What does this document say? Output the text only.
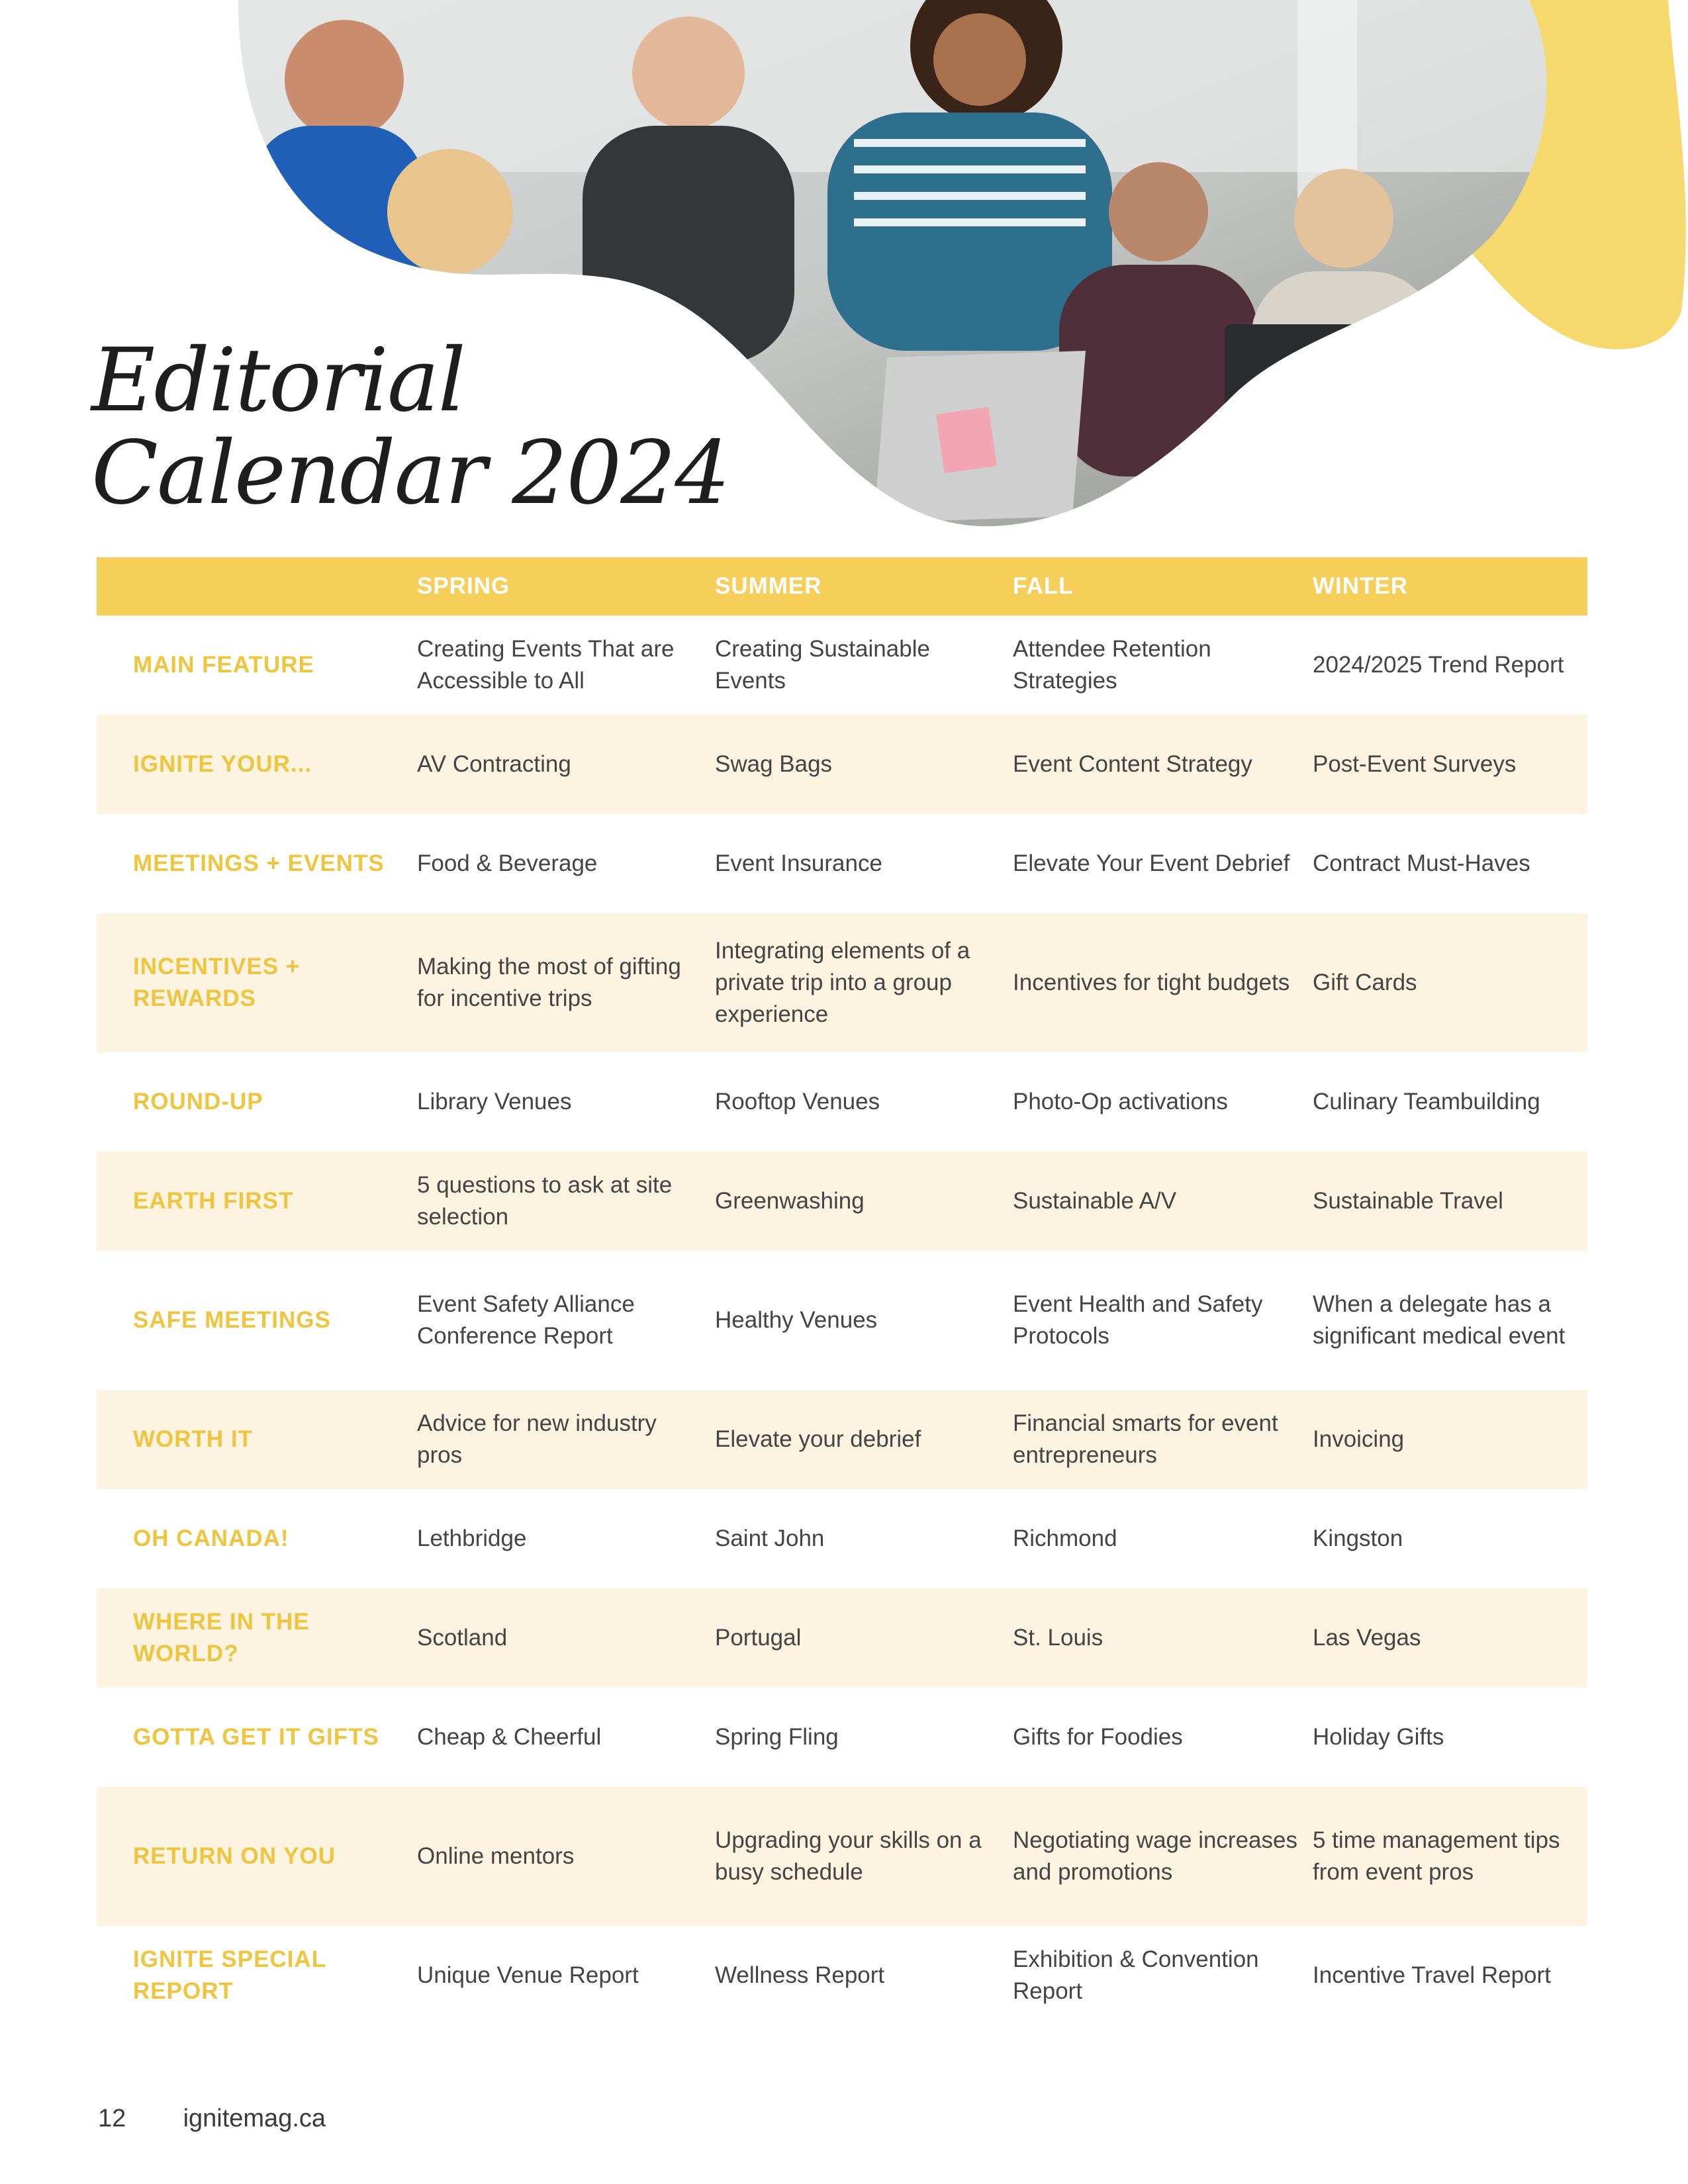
Editorial
Calendar 2024
	SPRING	SUMMER	FALL	WINTER
MAIN FEATURE	Creating Events That are Accessible to All	Creating Sustainable Events	Attendee Retention Strategies	2024/2025 Trend Report
IGNITE YOUR...	AV Contracting	Swag Bags	Event Content Strategy	Post-Event Surveys
MEETINGS + EVENTS	Food & Beverage	Event Insurance	Elevate Your Event Debrief	Contract Must-Haves
INCENTIVES + REWARDS	Making the most of gifting for incentive trips	Integrating elements of a private trip into a group experience	Incentives for tight budgets	Gift Cards
ROUND-UP	Library Venues	Rooftop Venues	Photo-Op activations	Culinary Teambuilding
EARTH FIRST	5 questions to ask at site selection	Greenwashing	Sustainable A/V	Sustainable Travel
SAFE MEETINGS	Event Safety Alliance Conference Report	Healthy Venues	Event Health and Safety Protocols	When a delegate has a significant medical event
WORTH IT	Advice for new industry pros	Elevate your debrief	Financial smarts for event entrepreneurs	Invoicing
OH CANADA!	Lethbridge	Saint John	Richmond	Kingston
WHERE IN THE WORLD?	Scotland	Portugal	St. Louis	Las Vegas
GOTTA GET IT GIFTS	Cheap & Cheerful	Spring Fling	Gifts for Foodies	Holiday Gifts
RETURN ON YOU	Online mentors	Upgrading your skills on a busy schedule	Negotiating wage increases and promotions	5 time management tips from event pros
IGNITE SPECIAL REPORT	Unique Venue Report	Wellness Report	Exhibition & Convention Report	Incentive Travel Report
12 ignitemag.ca
